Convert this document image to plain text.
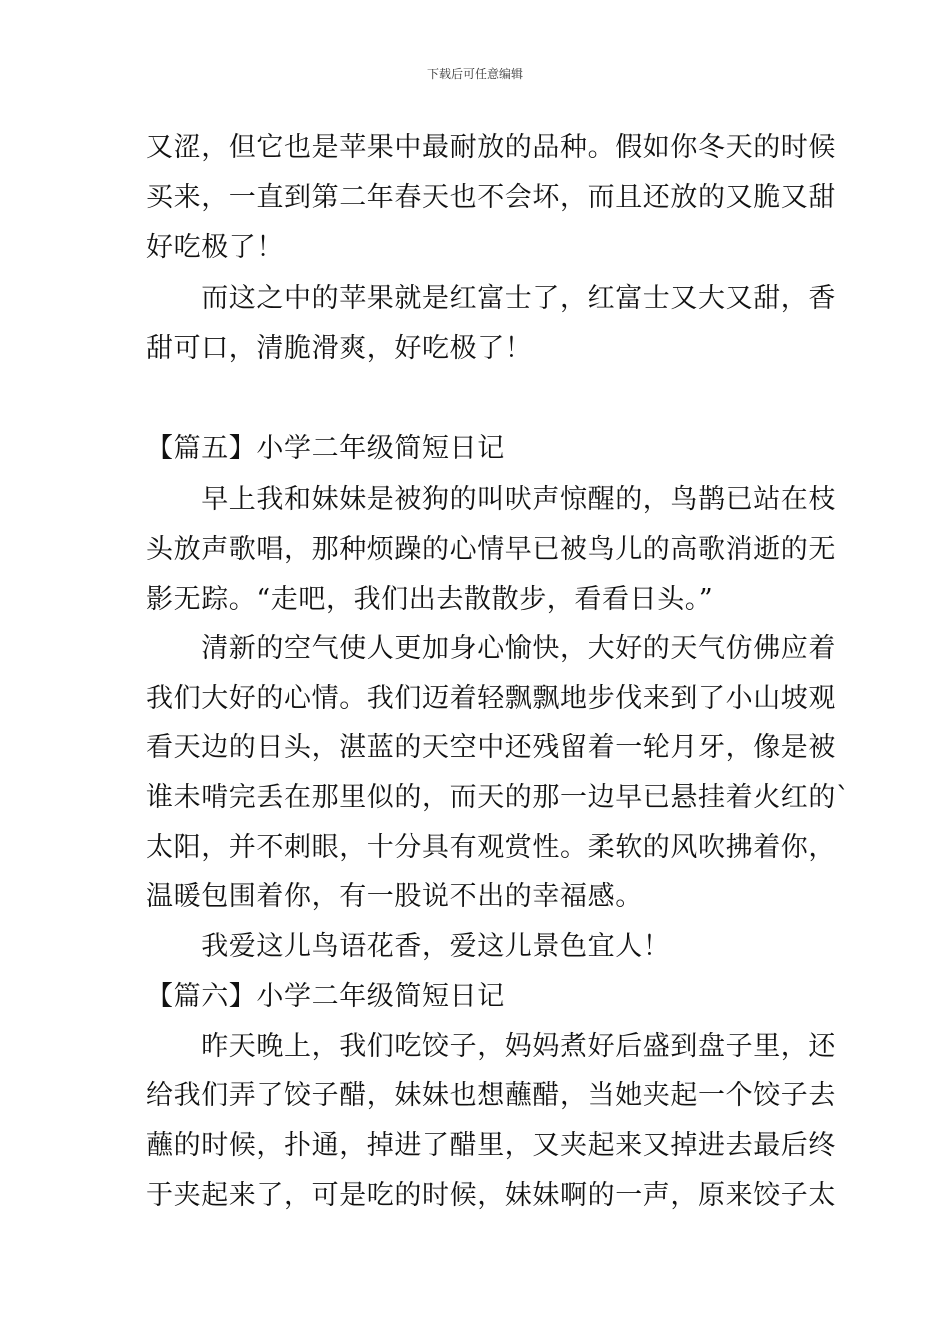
下载后可任意编辑
又涩，但它也是苹果中最耐放的品种。假如你冬天的时候
买来，一直到第二年春天也不会坏，而且还放的又脆又甜
好吃极了！
　　而这之中的苹果就是红富士了，红富士又大又甜，香
甜可口，清脆滑爽，好吃极了！
【篇五】小学二年级简短日记
　　早上我和妹妹是被狗的叫吠声惊醒的，鸟鹊已站在枝
头放声歌唱，那种烦躁的心情早已被鸟儿的高歌消逝的无
影无踪。“走吧，我们出去散散步，看看日头。”
　　清新的空气使人更加身心愉快，大好的天气仿佛应着
我们大好的心情。我们迈着轻飘飘地步伐来到了小山坡观
看天边的日头，湛蓝的天空中还残留着一轮月牙，像是被
谁未啃完丢在那里似的，而天的那一边早已悬挂着火红的`
太阳，并不刺眼，十分具有观赏性。柔软的风吹拂着你，
温暖包围着你，有一股说不出的幸福感。
　　我爱这儿鸟语花香，爱这儿景色宜人！
【篇六】小学二年级简短日记
　　昨天晚上，我们吃饺子，妈妈煮好后盛到盘子里，还
给我们弄了饺子醋，妹妹也想蘸醋，当她夹起一个饺子去
蘸的时候，扑通，掉进了醋里，又夹起来又掉进去最后终
于夹起来了，可是吃的时候，妹妹啊的一声，原来饺子太
